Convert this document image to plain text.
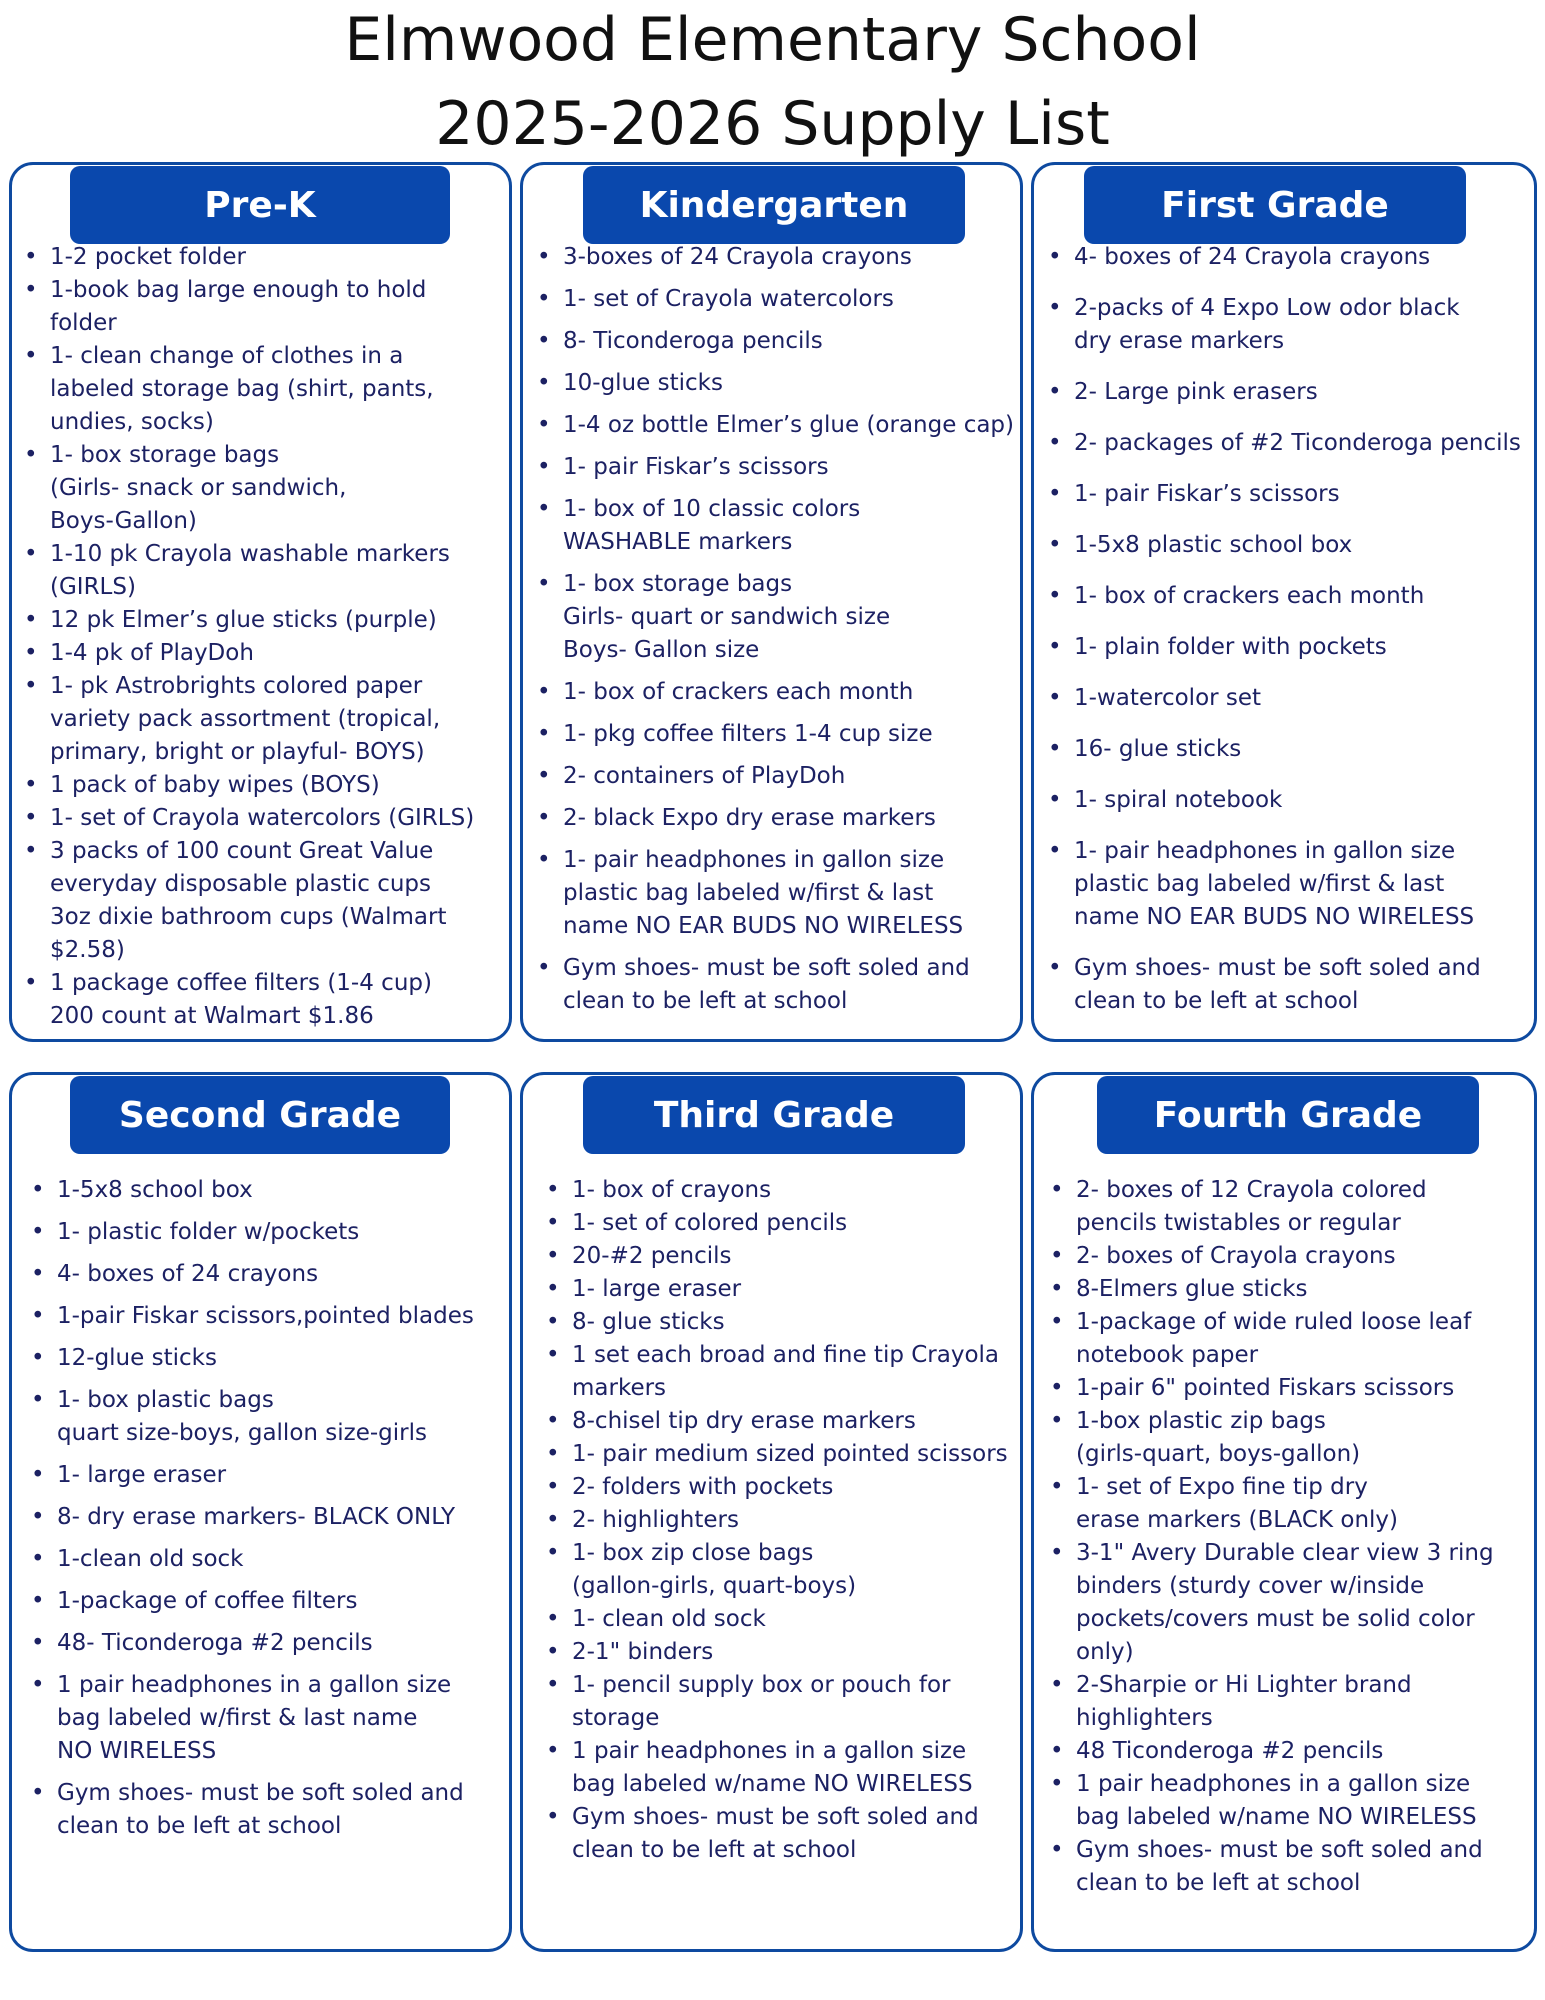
Elmwood Elementary School
2025-2026 Supply List
Pre-K
• 1-2 pocket folder
• 1-book bag large enough to hold
folder
• 1- clean change of clothes in a
labeled storage bag (shirt, pants,
undies, socks)
• 1- box storage bags
(Girls- snack or sandwich,
Boys-Gallon)
• 1-10 pk Crayola washable markers
(GIRLS)
• 12 pk Elmer’s glue sticks (purple)
• 1-4 pk of PlayDoh
• 1- pk Astrobrights colored paper
variety pack assortment (tropical,
primary, bright or playful- BOYS)
• 1 pack of baby wipes (BOYS)
• 1- set of Crayola watercolors (GIRLS)
• 3 packs of 100 count Great Value
everyday disposable plastic cups
3oz dixie bathroom cups (Walmart
$2.58)
• 1 package coffee filters (1-4 cup)
200 count at Walmart $1.86
Kindergarten
• 3-boxes of 24 Crayola crayons
• 1- set of Crayola watercolors
• 8- Ticonderoga pencils
• 10-glue sticks
• 1-4 oz bottle Elmer’s glue (orange cap)
• 1- pair Fiskar’s scissors
• 1- box of 10 classic colors
WASHABLE markers
• 1- box storage bags
Girls- quart or sandwich size
Boys- Gallon size
• 1- box of crackers each month
• 1- pkg coffee filters 1-4 cup size
• 2- containers of PlayDoh
• 2- black Expo dry erase markers
• 1- pair headphones in gallon size
plastic bag labeled w/first & last
name NO EAR BUDS NO WIRELESS
• Gym shoes- must be soft soled and
clean to be left at school
First Grade
• 4- boxes of 24 Crayola crayons
• 2-packs of 4 Expo Low odor black
dry erase markers
• 2- Large pink erasers
• 2- packages of #2 Ticonderoga pencils
• 1- pair Fiskar’s scissors
• 1-5x8 plastic school box
• 1- box of crackers each month
• 1- plain folder with pockets
• 1-watercolor set
• 16- glue sticks
• 1- spiral notebook
• 1- pair headphones in gallon size
plastic bag labeled w/first & last
name NO EAR BUDS NO WIRELESS
• Gym shoes- must be soft soled and
clean to be left at school
Second Grade
• 1-5x8 school box
• 1- plastic folder w/pockets
• 4- boxes of 24 crayons
• 1-pair Fiskar scissors,pointed blades
• 12-glue sticks
• 1- box plastic bags
quart size-boys, gallon size-girls
• 1- large eraser
• 8- dry erase markers- BLACK ONLY
• 1-clean old sock
• 1-package of coffee filters
• 48- Ticonderoga #2 pencils
• 1 pair headphones in a gallon size
bag labeled w/first & last name
NO WIRELESS
• Gym shoes- must be soft soled and
clean to be left at school
Third Grade
• 1- box of crayons
• 1- set of colored pencils
• 20-#2 pencils
• 1- large eraser
• 8- glue sticks
• 1 set each broad and fine tip Crayola
markers
• 8-chisel tip dry erase markers
• 1- pair medium sized pointed scissors
• 2- folders with pockets
• 2- highlighters
• 1- box zip close bags
(gallon-girls, quart-boys)
• 1- clean old sock
• 2-1" binders
• 1- pencil supply box or pouch for
storage
• 1 pair headphones in a gallon size
bag labeled w/name NO WIRELESS
• Gym shoes- must be soft soled and
clean to be left at school
Fourth Grade
• 2- boxes of 12 Crayola colored
pencils twistables or regular
• 2- boxes of Crayola crayons
• 8-Elmers glue sticks
• 1-package of wide ruled loose leaf
notebook paper
• 1-pair 6" pointed Fiskars scissors
• 1-box plastic zip bags
(girls-quart, boys-gallon)
• 1- set of Expo fine tip dry
erase markers (BLACK only)
• 3-1" Avery Durable clear view 3 ring
binders (sturdy cover w/inside
pockets/covers must be solid color
only)
• 2-Sharpie or Hi Lighter brand
highlighters
• 48 Ticonderoga #2 pencils
• 1 pair headphones in a gallon size
bag labeled w/name NO WIRELESS
• Gym shoes- must be soft soled and
clean to be left at school
